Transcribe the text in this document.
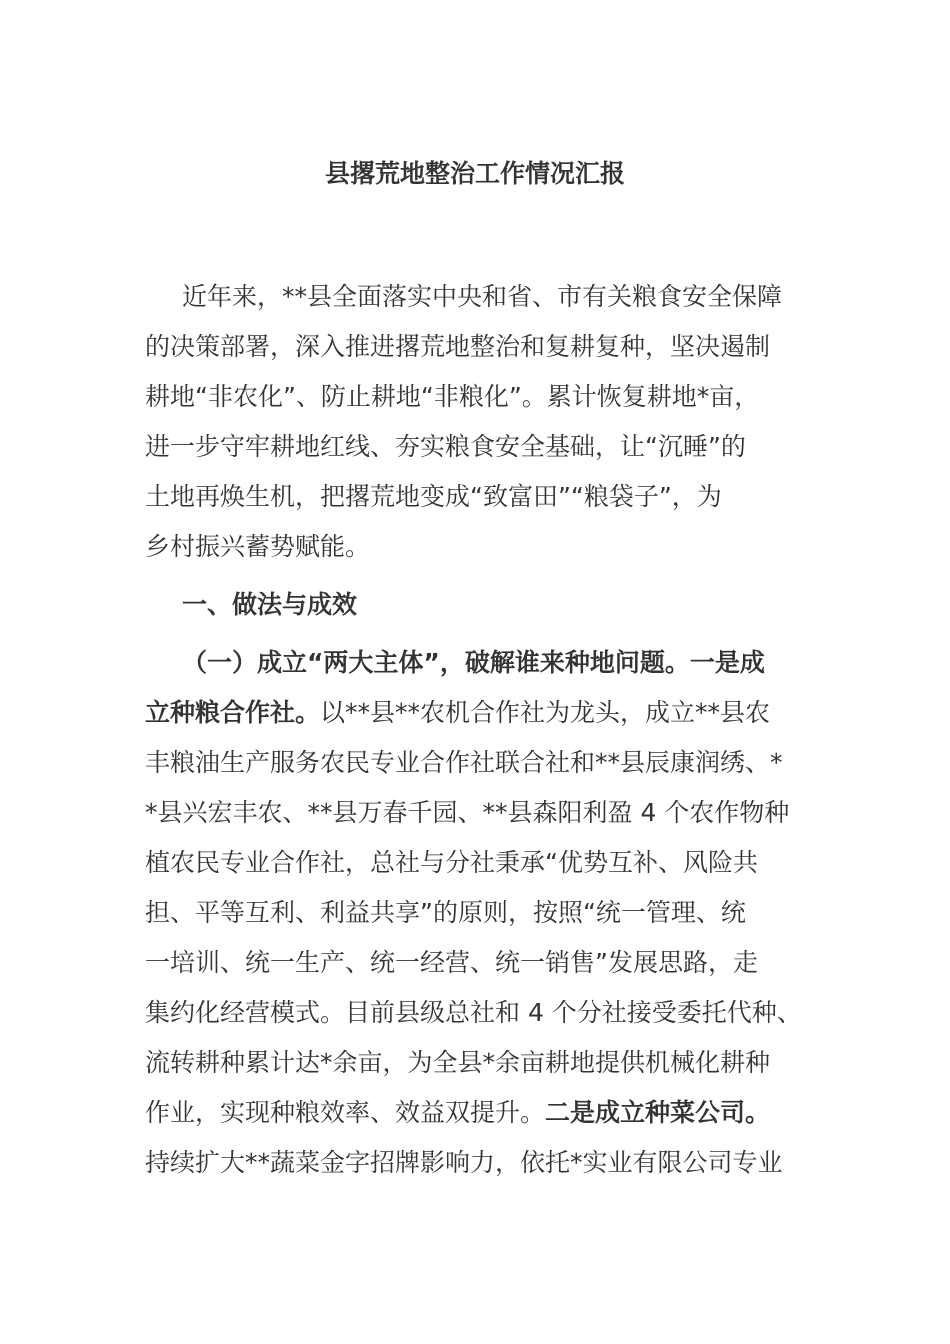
县撂荒地整治工作情况汇报
近年来，**县全面落实中央和省、市有关粮食安全保障
的决策部署，深入推进撂荒地整治和复耕复种，坚决遏制
耕地“非农化”、防止耕地“非粮化”。累计恢复耕地*亩，
进一步守牢耕地红线、夯实粮食安全基础，让“沉睡”的
土地再焕生机，把撂荒地变成“致富田”“粮袋子”，为
乡村振兴蓄势赋能。
一、做法与成效
（一）成立“两大主体”，破解谁来种地问题。一是成
立种粮合作社。以**县**农机合作社为龙头，成立**县农
丰粮油生产服务农民专业合作社联合社和**县辰康润绣、*
*县兴宏丰农、**县万春千园、**县森阳利盈 4 个农作物种
植农民专业合作社，总社与分社秉承“优势互补、风险共
担、平等互利、利益共享”的原则，按照“统一管理、统
一培训、统一生产、统一经营、统一销售”发展思路，走
集约化经营模式。目前县级总社和 4 个分社接受委托代种、
流转耕种累计达*余亩，为全县*余亩耕地提供机械化耕种
作业，实现种粮效率、效益双提升。二是成立种菜公司。
持续扩大**蔬菜金字招牌影响力，依托*实业有限公司专业
